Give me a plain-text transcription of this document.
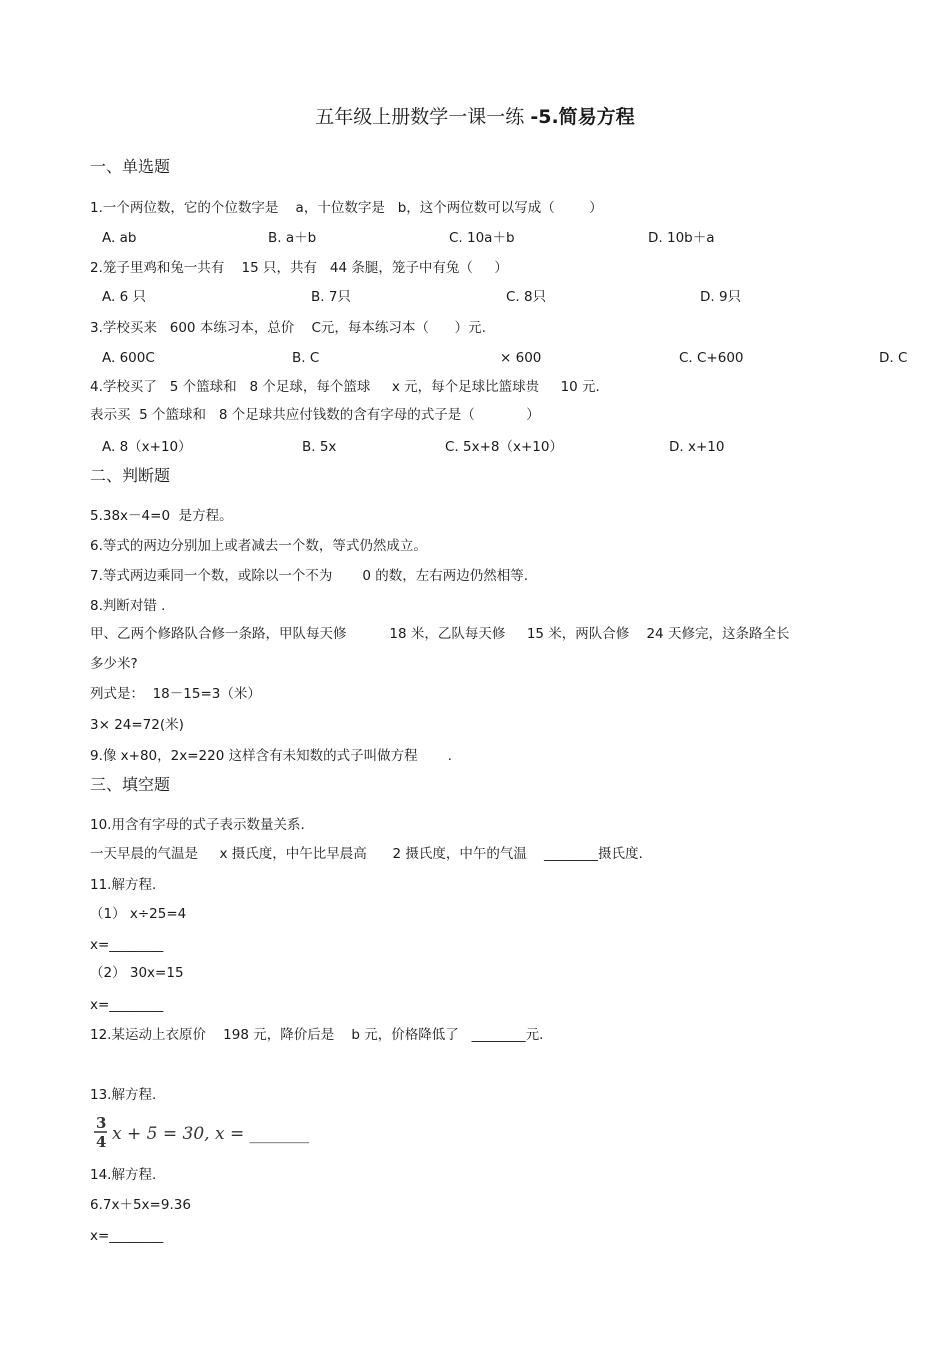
五年级上册数学一课一练 -5.简易方程
一、单选题
1.一个两位数，它的个位数字是    a，十位数字是   b，这个两位数可以写成（        ）
A. ab	B. a＋b	C. 10a＋b	D. 10b＋a
2.笼子里鸡和兔一共有    15 只，共有   44 条腿，笼子中有兔（     ）
A. 6 只	B. 7只	C. 8只	D. 9只
3.学校买来   600 本练习本，总价    C元，每本练习本（      ）元.
A. 600C	B. C	× 600	C. C+600	D. C
4.学校买了   5 个篮球和   8 个足球，每个篮球     x 元，每个足球比篮球贵     10 元.
表示买  5 个篮球和   8 个足球共应付钱数的含有字母的式子是（            ）
A. 8（x+10）	B. 5x	C. 5x+8（x+10）	D. x+10
二、判断题
5.38x－4=0  是方程。
6.等式的两边分别加上或者减去一个数，等式仍然成立。
7.等式两边乘同一个数，或除以一个不为       0 的数，左右两边仍然相等.
8.判断对错 .
甲、乙两个修路队合修一条路，甲队每天修          18 米，乙队每天修     15 米，两队合修    24 天修完，这条路全长
多少米?
列式是：  18－15=3（米）
3× 24=72(米)
9.像 x+80，2x=220 这样含有未知数的式子叫做方程       .
三、填空题
10.用含有字母的式子表示数量关系.
一天早晨的气温是     x 摄氏度，中午比早晨高      2 摄氏度，中午的气温    ________摄氏度.
11.解方程.
（1） x÷25=4
x=________
（2） 30x=15
x=________
12.某运动上衣原价    198 元，降价后是    b 元，价格降低了   ________元.
13.解方程.
3
4 x + 5 = 30, x = _______
14.解方程.
6.7x＋5x=9.36
x=________
